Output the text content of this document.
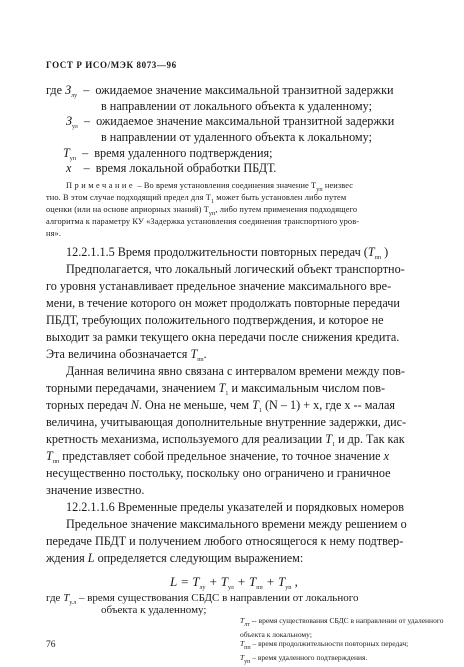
ГОСТ Р ИСО/МЭК 8073—96
где $З_{лу}$ – ожидаемое значение максимальной транзитной задержки
в направлении от локального объекта к удаленному;
$З_{ул}$ – ожидаемое значение максимальной транзитной задержки
в направлении от удаленного объекта к локальному;
$T_{уп}$ – время удаленного подтверждения;
x – время локальной обработки ПБДТ.
Примечание – Во время установления соединения значение $T_{уп}$ неизвес
тно. В этом случае подходящий предел для $T_1$ может быть установлен либо путем
оценки (или на основе априорных знаний) $T_{уп}$, либо путем применения подходящего
алгоритма к параметру КУ «Задержка установления соединения транспортного уров-
ня».
12.2.1.1.5 Время продолжительности повторных передач ($T_{пп}$ )
Предполагается, что локальный логический объект транспортно-
го уровня устанавливает предельное значение максимального вре-
мени, в течение которого он может продолжать повторные передачи
ПБДТ, требующих положительного подтверждения, и которое не
выходит за рамки текущего окна передачи после снижения кредита.
Эта величина обозначается $T_{пп}$.
Данная величина явно связана с интервалом времени между пов-
торными передачами, значением $T_1$ и максимальным числом пов-
торных передач N. Она не меньше, чем $T_1$ (N – 1) + x, где x -- малая
величина, учитывающая дополнительные внутренние задержки, дис-
кретность механизма, используемого для реализации $T_1$ и др. Так как
$T_{пп}$ представляет собой предельное значение, то точное значение x
несущественно постольку, поскольку оно ограничено и граничное
значение известно.
12.2.1.1.6 Временные пределы указателей и порядковых номеров
Предельное значение максимального времени между решением о
передаче ПБДТ и получением любого относящегося к нему подтвер-
ждения L определяется следующим выражением:
$L = T_{лу} + T_{ул} + T_{пп} + T_{уп}$ ,
где $T_{у.л}$ – время существования СБДС в направлении от локального
объекта к удаленному;
76
$T_{лт}$ -- время существования СБДС в направлении от удаленного
объекта к локальному;
$T_{пп}$ – время продолжительности повторных передач;
$T_{уп}$ – время удаленного подтверждения.
